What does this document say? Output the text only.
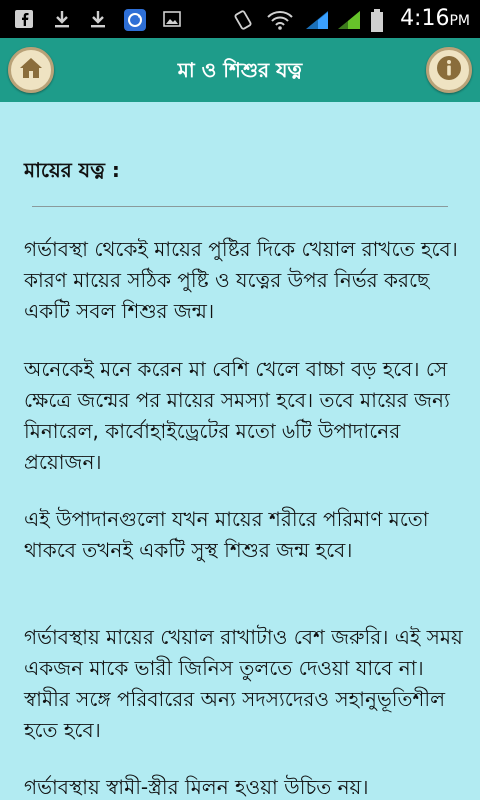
4:16PM
মা ও শিশুর যত্ন
মায়ের যত্ন :
গর্ভাবস্থা থেকেই মায়ের পুষ্টির দিকে খেয়াল রাখতে হবে। কারণ মায়ের সঠিক পুষ্টি ও যত্নের উপর নির্ভর করছে একটি সবল শিশুর জন্ম।
অনেকেই মনে করেন মা বেশি খেলে বাচ্চা বড় হবে। সে ক্ষেত্রে জন্মের পর মায়ের সমস্যা হবে। তবে মায়ের জন্য মিনারেল, কার্বোহাইড্রেটের মতো ৬টি উপাদানের প্রয়োজন।
এই উপাদানগুলো যখন মায়ের শরীরে পরিমাণ মতো থাকবে তখনই একটি সুস্থ শিশুর জন্ম হবে।
গর্ভাবস্থায় মায়ের খেয়াল রাখাটাও বেশ জরুরি। এই সময় একজন মাকে ভারী জিনিস তুলতে দেওয়া যাবে না। স্বামীর সঙ্গে পরিবারের অন্য সদস্যদেরও সহানুভূতিশীল হতে হবে।
গর্ভাবস্থায় স্বামী-স্ত্রীর মিলন হওয়া উচিত নয়।
